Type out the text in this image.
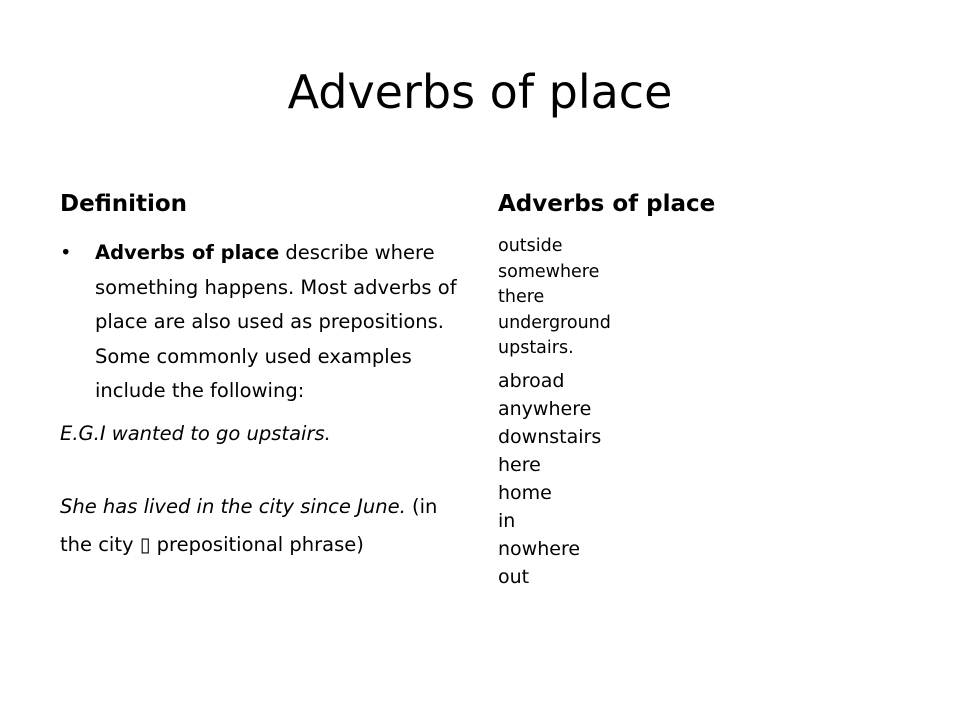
Adverbs of place
Definition
• Adverbs of place describe where something happens. Most adverbs of place are also used as prepositions. Some commonly used examples include the following:

E.G.I wanted to go upstairs.

She has lived in the city since June. (in the city ▯ prepositional phrase)

Adverbs of place
outside
somewhere
there
underground
upstairs.
abroad
anywhere
downstairs
here
home
in
nowhere
out
